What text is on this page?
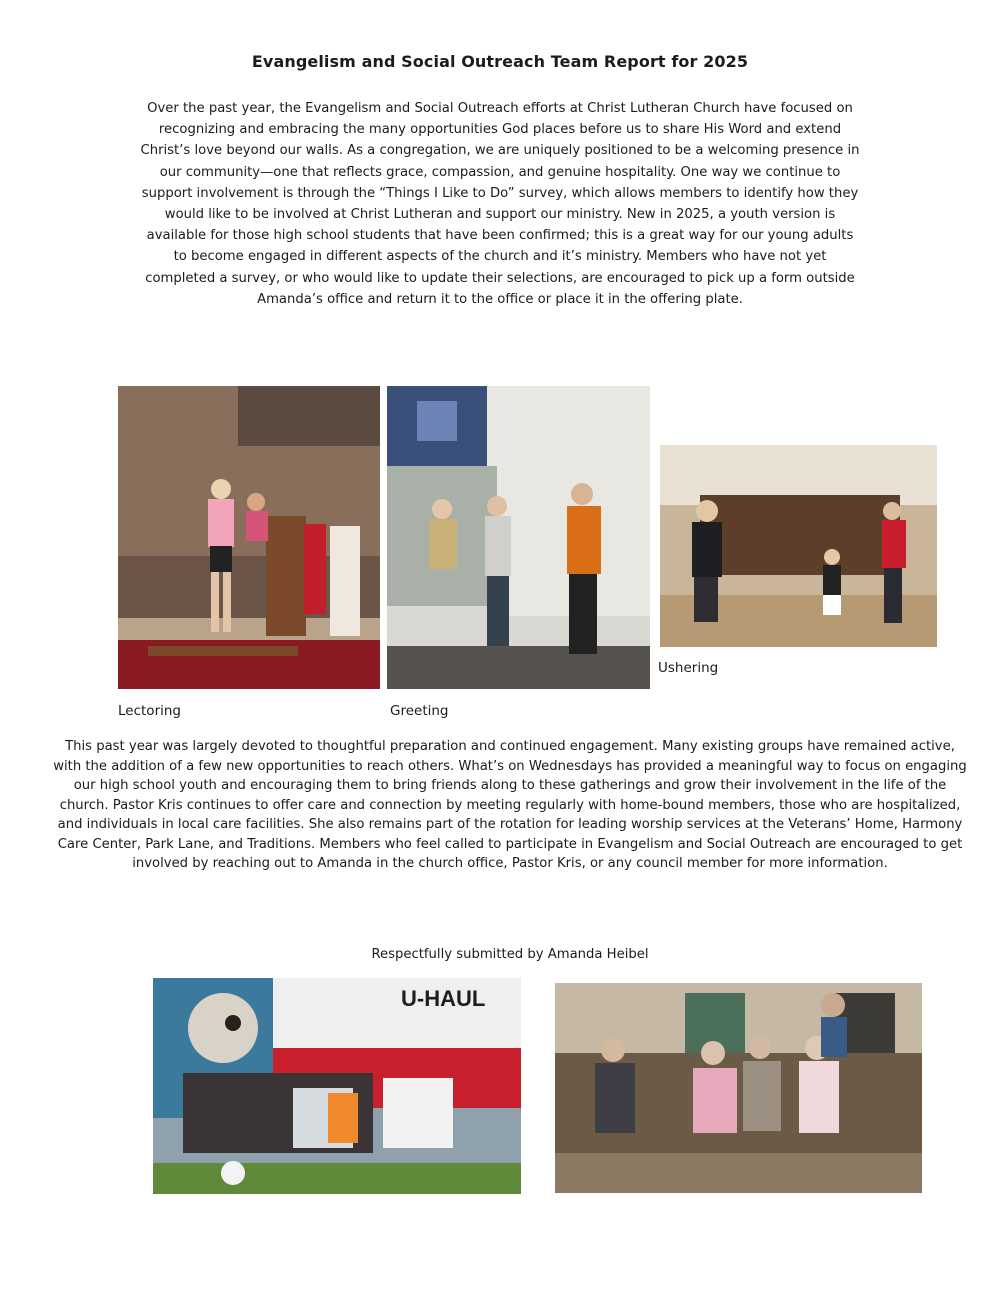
Evangelism and Social Outreach Team Report for 2025
Over the past year, the Evangelism and Social Outreach efforts at Christ Lutheran Church have focused on recognizing and embracing the many opportunities God places before us to share His Word and extend Christ’s love beyond our walls. As a congregation, we are uniquely positioned to be a welcoming presence in our community—one that reflects grace, compassion, and genuine hospitality. One way we continue to support involvement is through the “Things I Like to Do” survey, which allows members to identify how they would like to be involved at Christ Lutheran and support our ministry. New in 2025, a youth version is available for those high school students that have been confirmed; this is a great way for our young adults to become engaged in different aspects of the church and it’s ministry. Members who have not yet completed a survey, or who would like to update their selections, are encouraged to pick up a form outside Amanda’s office and return it to the office or place it in the offering plate.
Lectoring	Greeting
Ushering
This past year was largely devoted to thoughtful preparation and continued engagement. Many existing groups have remained active, with the addition of a few new opportunities to reach others. What’s on Wednesdays has provided a meaningful way to focus on engaging our high school youth and encouraging them to bring friends along to these gatherings and grow their involvement in the life of the church. Pastor Kris continues to offer care and connection by meeting regularly with home-bound members, those who are hospitalized, and individuals in local care facilities. She also remains part of the rotation for leading worship services at the Veterans’ Home, Harmony Care Center, Park Lane, and Traditions. Members who feel called to participate in Evangelism and Social Outreach are encouraged to get involved by reaching out to Amanda in the church office, Pastor Kris, or any council member for more information.
Respectfully submitted by Amanda Heibel
U-HAUL
